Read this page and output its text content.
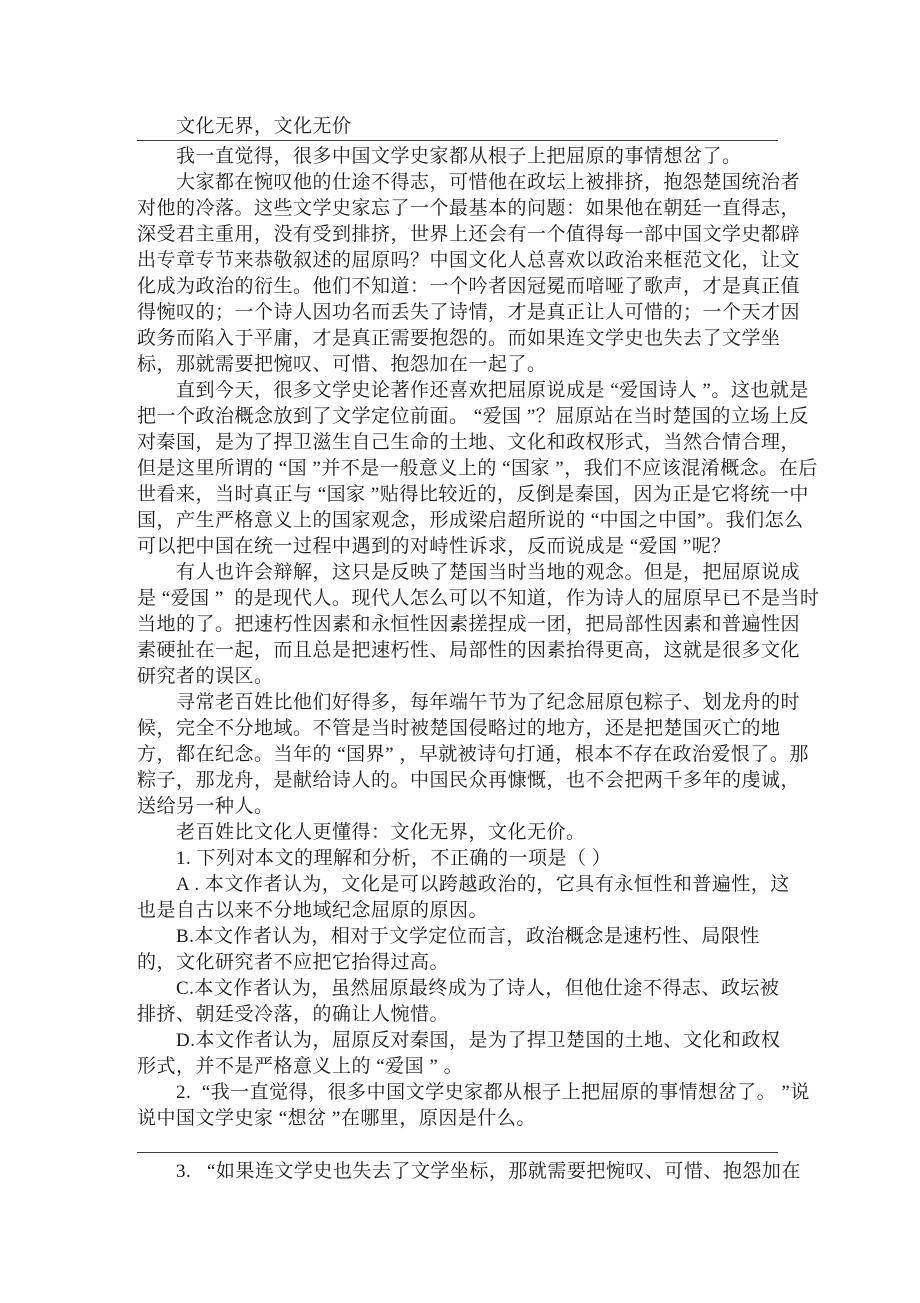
文化无界，文化无价
我一直觉得，很多中国文学史家都从根子上把屈原的事情想岔了。
大家都在惋叹他的仕途不得志，可惜他在政坛上被排挤，抱怨楚国统治者
对他的冷落。这些文学史家忘了一个最基本的问题：如果他在朝廷一直得志，
深受君主重用，没有受到排挤，世界上还会有一个值得每一部中国文学史都辟
出专章专节来恭敬叙述的屈原吗？中国文化人总喜欢以政治来框范文化，让文
化成为政治的衍生。他们不知道：一个吟者因冠冕而喑哑了歌声，才是真正值
得惋叹的；一个诗人因功名而丢失了诗情，才是真正让人可惜的；一个天才因
政务而陷入于平庸，才是真正需要抱怨的。而如果连文学史也失去了文学坐
标，那就需要把惋叹、可惜、抱怨加在一起了。
直到今天，很多文学史论著作还喜欢把屈原说成是 “爱国诗人 ”。这也就是
把一个政治概念放到了文学定位前面。 “爱国 ”？屈原站在当时楚国的立场上反
对秦国，是为了捍卫滋生自己生命的土地、文化和政权形式，当然合情合理，
但是这里所谓的 “国 ”并不是一般意义上的 “国家 ”，我们不应该混淆概念。在后
世看来，当时真正与 “国家 ”贴得比较近的，反倒是秦国，因为正是它将统一中
国，产生严格意义上的国家观念，形成梁启超所说的 “中国之中国”。我们怎么
可以把中国在统一过程中遇到的对峙性诉求，反而说成是 “爱国 ”呢？
有人也许会辩解，这只是反映了楚国当时当地的观念。但是，把屈原说成
是 “爱国 ”  的是现代人。现代人怎么可以不知道，作为诗人的屈原早已不是当时
当地的了。把速朽性因素和永恒性因素搓捏成一团，把局部性因素和普遍性因
素硬扯在一起，而且总是把速朽性、局部性的因素抬得更高，这就是很多文化
研究者的误区。
寻常老百姓比他们好得多，每年端午节为了纪念屈原包粽子、划龙舟的时
候，完全不分地域。不管是当时被楚国侵略过的地方，还是把楚国灭亡的地
方，都在纪念。当年的 “国界” ，早就被诗句打通，根本不存在政治爱恨了。那
粽子，那龙舟，是献给诗人的。中国民众再慷慨，也不会把两千多年的虔诚，
送给另一种人。
老百姓比文化人更懂得：文化无界，文化无价。
1. 下列对本文的理解和分析，不正确的一项是（ ）
A . 本文作者认为，文化是可以跨越政治的，它具有永恒性和普遍性，这
也是自古以来不分地域纪念屈原的原因。
B.本文作者认为，相对于文学定位而言，政治概念是速朽性、局限性
的，文化研究者不应把它抬得过高。
C.本文作者认为，虽然屈原最终成为了诗人，但他仕途不得志、政坛被
排挤、朝廷受冷落，的确让人惋惜。
D.本文作者认为，屈原反对秦国，是为了捍卫楚国的土地、文化和政权
形式，并不是严格意义上的 “爱国 ” 。
2.  “我一直觉得，很多中国文学史家都从根子上把屈原的事情想岔了。 ”说
说中国文学史家 “想岔 ”在哪里，原因是什么。
3.   “如果连文学史也失去了文学坐标，那就需要把惋叹、可惜、抱怨加在
